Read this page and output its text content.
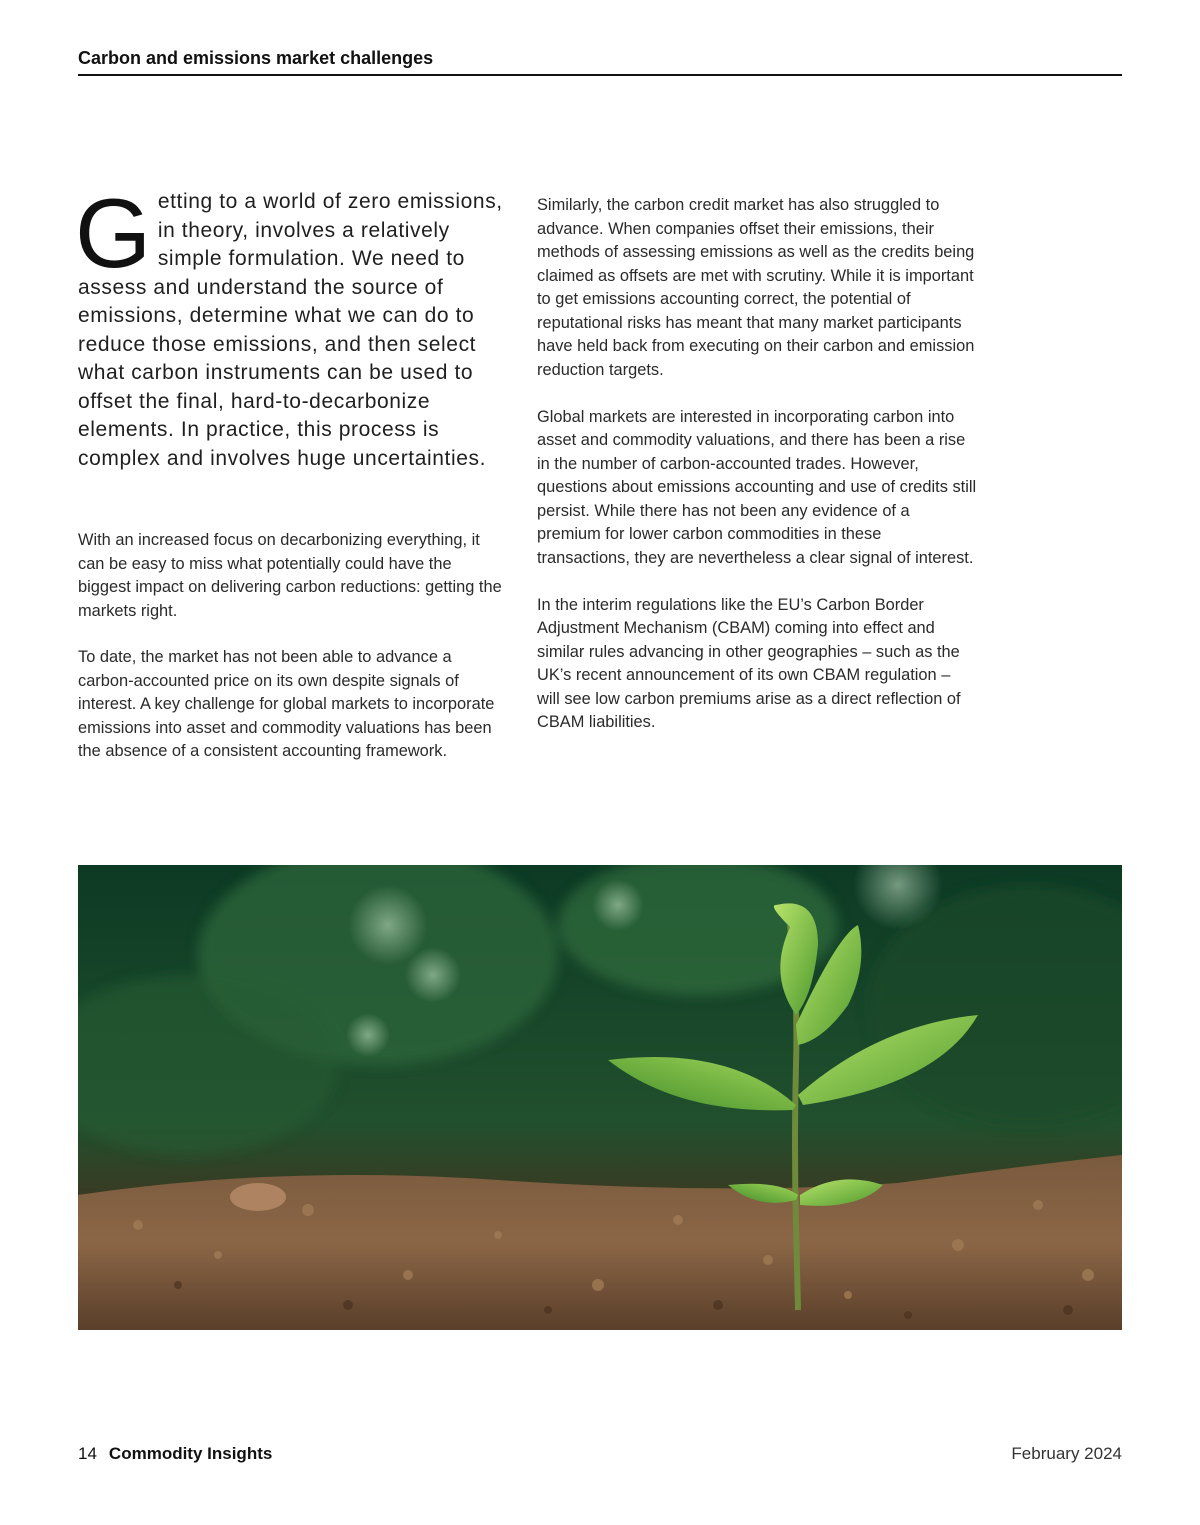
Carbon and emissions market challenges

Getting to a world of zero emissions, in theory, involves a relatively simple formulation. We need to assess and understand the source of emissions, determine what we can do to reduce those emissions, and then select what carbon instruments can be used to offset the final, hard-to-decarbonize elements. In practice, this process is complex and involves huge uncertainties.

With an increased focus on decarbonizing everything, it can be easy to miss what potentially could have the biggest impact on delivering carbon reductions: getting the markets right.

To date, the market has not been able to advance a carbon-accounted price on its own despite signals of interest. A key challenge for global markets to incorporate emissions into asset and commodity valuations has been the absence of a consistent accounting framework.

Similarly, the carbon credit market has also struggled to advance. When companies offset their emissions, their methods of assessing emissions as well as the credits being claimed as offsets are met with scrutiny. While it is important to get emissions accounting correct, the potential of reputational risks has meant that many market participants have held back from executing on their carbon and emission reduction targets.

Global markets are interested in incorporating carbon into asset and commodity valuations, and there has been a rise in the number of carbon-accounted trades. However, questions about emissions accounting and use of credits still persist. While there has not been any evidence of a premium for lower carbon commodities in these transactions, they are nevertheless a clear signal of interest.

In the interim regulations like the EU’s Carbon Border Adjustment Mechanism (CBAM) coming into effect and similar rules advancing in other geographies – such as the UK’s recent announcement of its own CBAM regulation – will see low carbon premiums arise as a direct reflection of CBAM liabilities.

14 Commodity Insights	February 2024
